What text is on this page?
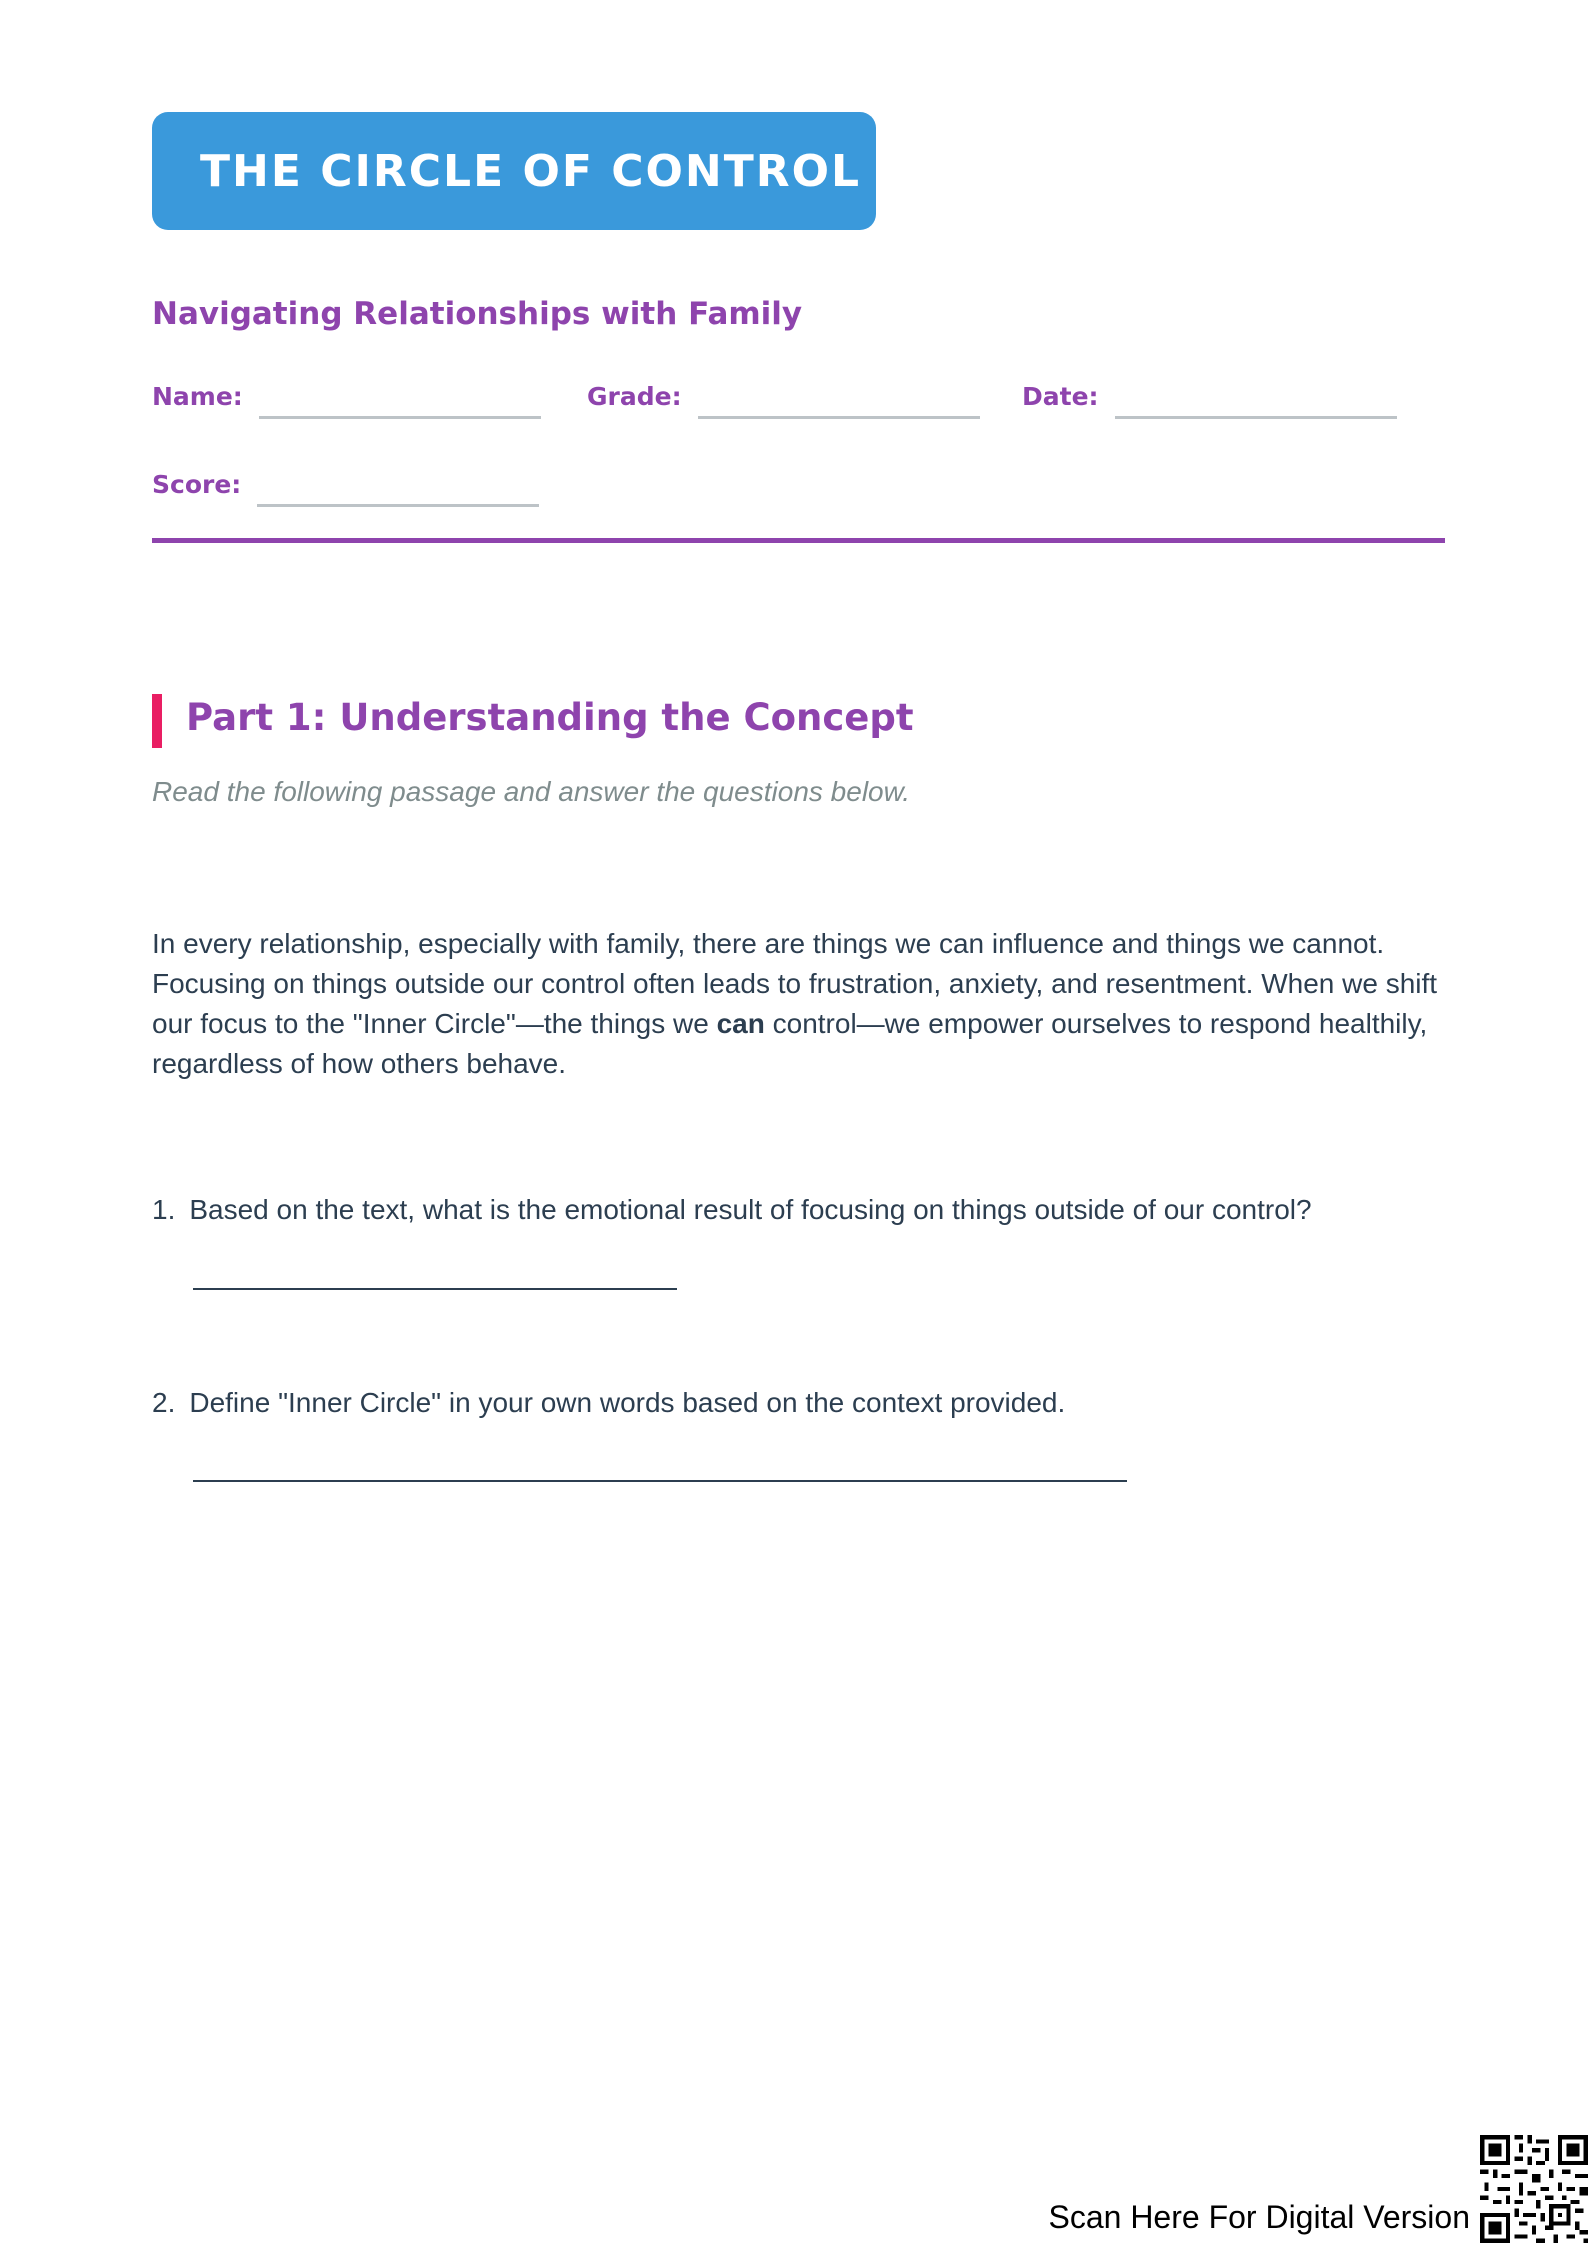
THE CIRCLE OF CONTROL
Navigating Relationships with Family
Name:	Grade:	Date:
Score:
Part 1: Understanding the Concept

Read the following passage and answer the questions below.

In every relationship, especially with family, there are things we can influence and things we cannot. Focusing on things outside our control often leads to frustration, anxiety, and resentment. When we shift our focus to the "Inner Circle"—the things we can control—we empower ourselves to respond healthily, regardless of how others behave.

1. Based on the text, what is the emotional result of focusing on things outside of our control?

2. Define "Inner Circle" in your own words based on the context provided.

Scan Here For Digital Version
